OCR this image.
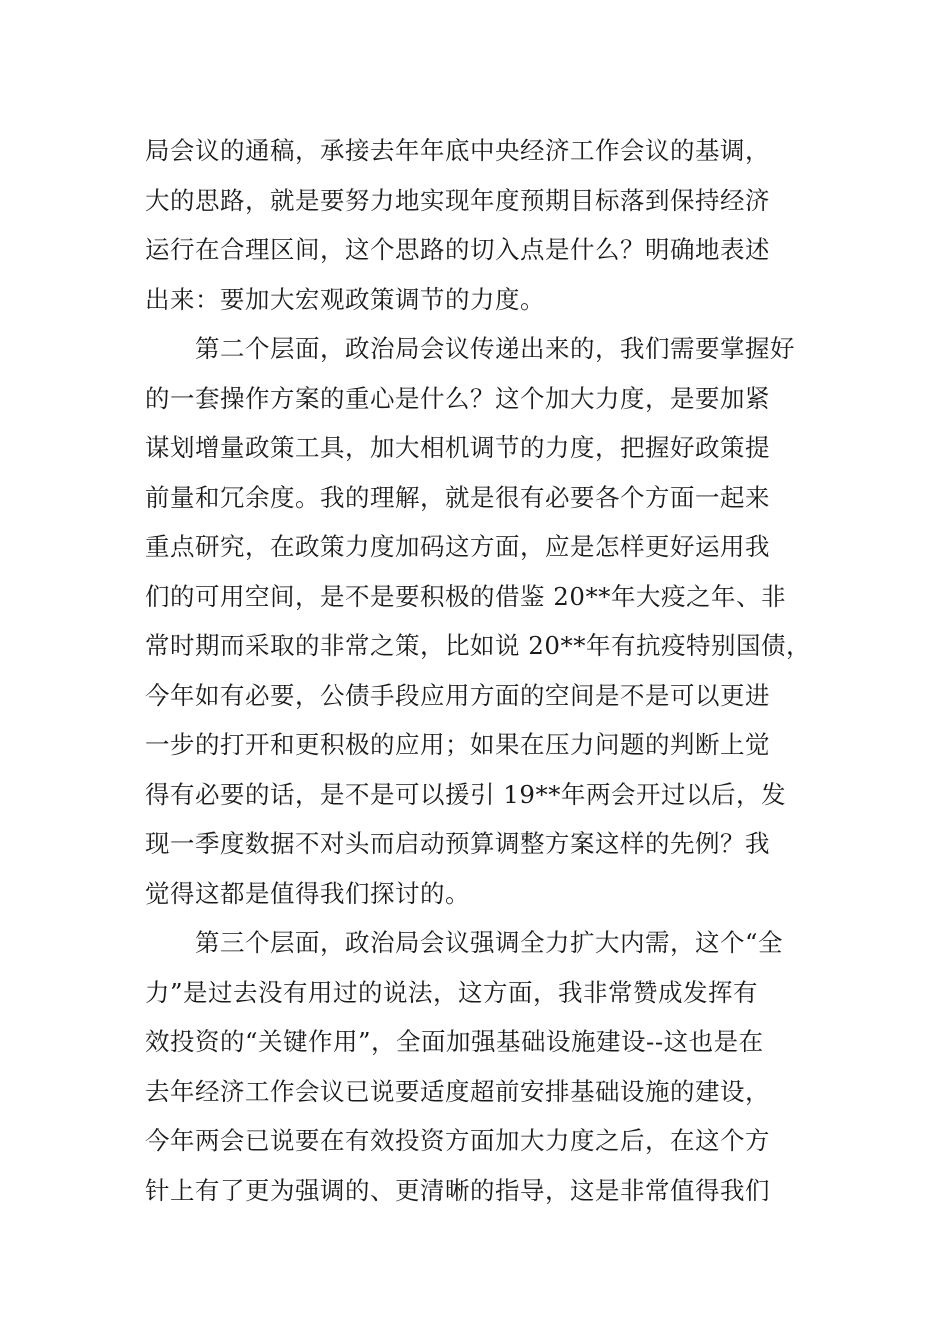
局会议的通稿，承接去年年底中央经济工作会议的基调，
大的思路，就是要努力地实现年度预期目标落到保持经济
运行在合理区间，这个思路的切入点是什么？明确地表述
出来：要加大宏观政策调节的力度。
　　第二个层面，政治局会议传递出来的，我们需要掌握好
的一套操作方案的重心是什么？这个加大力度，是要加紧
谋划增量政策工具，加大相机调节的力度，把握好政策提
前量和冗余度。我的理解，就是很有必要各个方面一起来
重点研究，在政策力度加码这方面，应是怎样更好运用我
们的可用空间，是不是要积极的借鉴 20**年大疫之年、非
常时期而采取的非常之策，比如说 20**年有抗疫特别国债，
今年如有必要，公债手段应用方面的空间是不是可以更进
一步的打开和更积极的应用；如果在压力问题的判断上觉
得有必要的话，是不是可以援引 19**年两会开过以后，发
现一季度数据不对头而启动预算调整方案这样的先例？我
觉得这都是值得我们探讨的。
　　第三个层面，政治局会议强调全力扩大内需，这个“全
力”是过去没有用过的说法，这方面，我非常赞成发挥有
效投资的“关键作用”，全面加强基础设施建设--这也是在
去年经济工作会议已说要适度超前安排基础设施的建设，
今年两会已说要在有效投资方面加大力度之后，在这个方
针上有了更为强调的、更清晰的指导，这是非常值得我们
